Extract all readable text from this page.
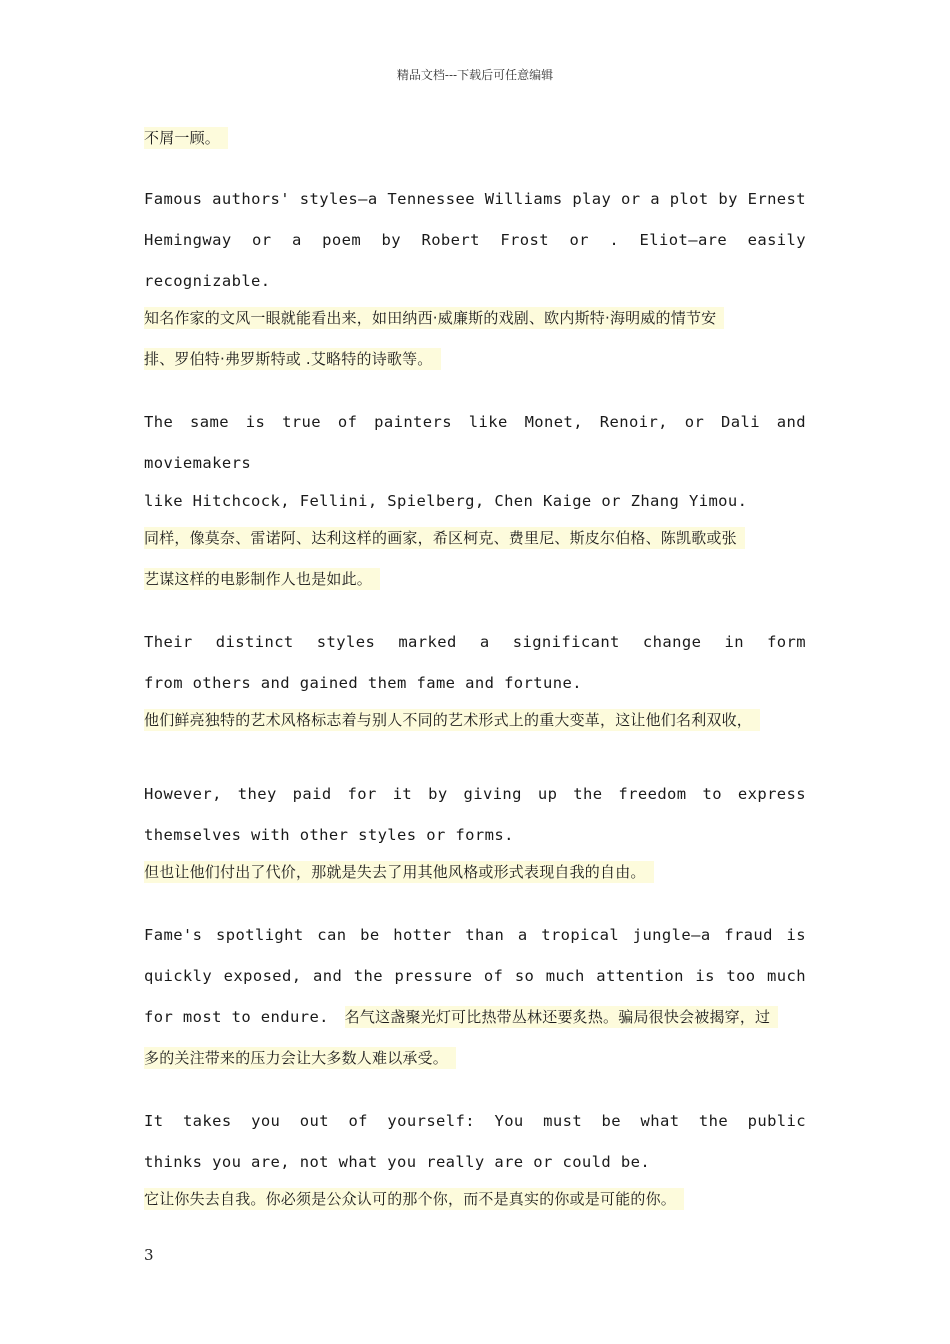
精品文档---下载后可任意编辑
不屑一顾。
Famous authors' styles—a Tennessee Williams play or a plot by Ernest
Hemingway or a poem by Robert Frost or . Eliot—are easily
recognizable.
知名作家的文风一眼就能看出来，如田纳西·威廉斯的戏剧、欧内斯特·海明威的情节安
排、罗伯特·弗罗斯特或 .艾略特的诗歌等。
The same is true of painters like Monet, Renoir, or Dali and
moviemakers
like Hitchcock, Fellini, Spielberg, Chen Kaige or Zhang Yimou.
同样，像莫奈、雷诺阿、达利这样的画家，希区柯克、费里尼、斯皮尔伯格、陈凯歌或张
艺谋这样的电影制作人也是如此。
Their distinct styles marked a significant change in form
from others and gained them fame and fortune.
他们鲜亮独特的艺术风格标志着与别人不同的艺术形式上的重大变革，这让他们名利双收，
However, they paid for it by giving up the freedom to express
themselves with other styles or forms.
但也让他们付出了代价，那就是失去了用其他风格或形式表现自我的自由。
Fame's spotlight can be hotter than a tropical jungle—a fraud is
quickly exposed, and the pressure of so much attention is too much
for most to endure. 名气这盏聚光灯可比热带丛林还要炙热。骗局很快会被揭穿，过
多的关注带来的压力会让大多数人难以承受。
It takes you out of yourself: You must be what the public
thinks you are, not what you really are or could be.
它让你失去自我。你必须是公众认可的那个你，而不是真实的你或是可能的你。
3
